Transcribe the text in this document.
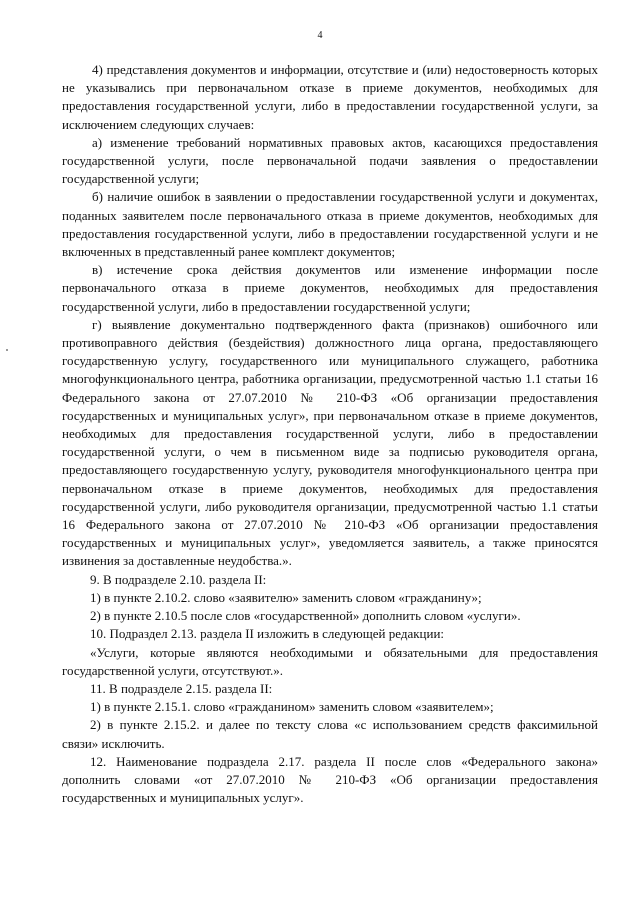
4

4) представления документов и информации, отсутствие и (или) недостоверность которых не указывались при первоначальном отказе в приеме документов, необходимых для предоставления государственной услуги, либо в предоставлении государственной услуги, за исключением следующих случаев:

а) изменение требований нормативных правовых актов, касающихся предоставления государственной услуги, после первоначальной подачи заявления о предоставлении государственной услуги;

б) наличие ошибок в заявлении о предоставлении государственной услуги и документах, поданных заявителем после первоначального отказа в приеме документов, необходимых для предоставления государственной услуги, либо в предоставлении государственной услуги и не включенных в представленный ранее комплект документов;

в) истечение срока действия документов или изменение информации после первоначального отказа в приеме документов, необходимых для предоставления государственной услуги, либо в предоставлении государственной услуги;

г) выявление документально подтвержденного факта (признаков) ошибочного или противоправного действия (бездействия) должностного лица органа, предоставляющего государственную услугу, государственного или муниципального служащего, работника многофункционального центра, работника организации, предусмотренной частью 1.1 статьи 16 Федерального закона от 27.07.2010 № 210-ФЗ «Об организации предоставления государственных и муниципальных услуг», при первоначальном отказе в приеме документов, необходимых для предоставления государственной услуги, либо в предоставлении государственной услуги, о чем в письменном виде за подписью руководителя органа, предоставляющего государственную услугу, руководителя многофункционального центра при первоначальном отказе в приеме документов, необходимых для предоставления государственной услуги, либо руководителя организации, предусмотренной частью 1.1 статьи 16 Федерального закона от 27.07.2010 № 210-ФЗ «Об организации предоставления государственных и муниципальных услуг», уведомляется заявитель, а также приносятся извинения за доставленные неудобства.».

9. В подразделе 2.10. раздела II:

1) в пункте 2.10.2. слово «заявителю» заменить словом «гражданину»;

2) в пункте 2.10.5 после слов «государственной» дополнить словом «услуги».

10. Подраздел 2.13. раздела II изложить в следующей редакции:

«Услуги, которые являются необходимыми и обязательными для предоставления государственной услуги, отсутствуют.».

11. В подразделе 2.15. раздела II:

1) в пункте 2.15.1. слово «гражданином» заменить словом «заявителем»;

2) в пункте 2.15.2. и далее по тексту слова «с использованием средств факсимильной связи» исключить.

12. Наименование подраздела 2.17. раздела II после слов «Федерального закона» дополнить словами «от 27.07.2010 № 210-ФЗ «Об организации предоставления государственных и муниципальных услуг».
